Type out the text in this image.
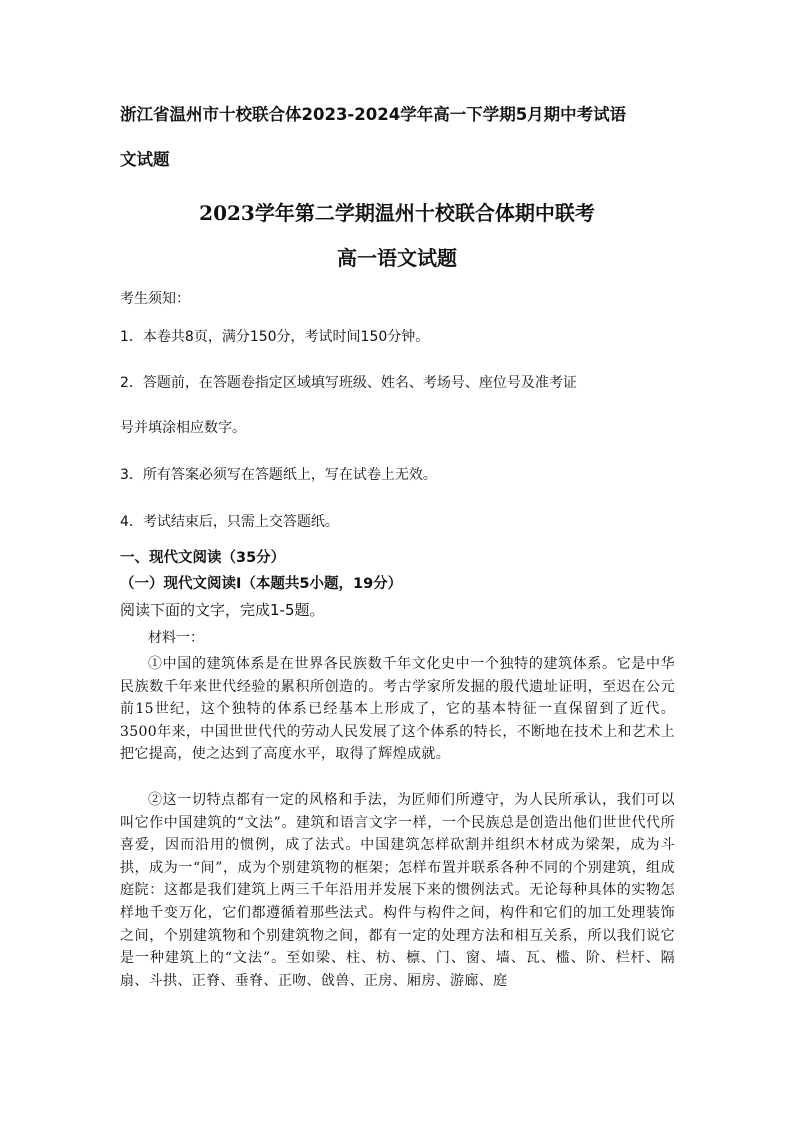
浙江省温州市十校联合体2023-2024学年高一下学期5月期中考试语
文试题
2023学年第二学期温州十校联合体期中联考
高一语文试题
考生须知：
1．本卷共8页，满分150分，考试时间150分钟。
2．答题前，在答题卷指定区域填写班级、姓名、考场号、座位号及准考证
号并填涂相应数字。
3．所有答案必须写在答题纸上，写在试卷上无效。
4．考试结束后，只需上交答题纸。
一、现代文阅读（35分）
（一）现代文阅读Ⅰ（本题共5小题，19分）
阅读下面的文字，完成1-5题。
材料一：
①中国的建筑体系是在世界各民族数千年文化史中一个独特的建筑体系。它是中华民族数千年来世代经验的累积所创造的。考古学家所发掘的殷代遗址证明，至迟在公元前15世纪，这个独特的体系已经基本上形成了，它的基本特征一直保留到了近代。3500年来，中国世世代代的劳动人民发展了这个体系的特长，不断地在技术上和艺术上把它提高，使之达到了高度水平，取得了辉煌成就。
②这一切特点都有一定的风格和手法，为匠师们所遵守，为人民所承认，我们可以叫它作中国建筑的“文法”。建筑和语言文字一样，一个民族总是创造出他们世世代代所喜爱，因而沿用的惯例，成了法式。中国建筑怎样砍割并组织木材成为梁架，成为斗拱，成为一“间”，成为个别建筑物的框架；怎样布置并联系各种不同的个别建筑，组成庭院：这都是我们建筑上两三千年沿用并发展下来的惯例法式。无论每种具体的实物怎样地千变万化，它们都遵循着那些法式。构件与构件之间，构件和它们的加工处理装饰之间，个别建筑物和个别建筑物之间，都有一定的处理方法和相互关系，所以我们说它是一种建筑上的“文法”。至如梁、柱、枋、檩、门、窗、墙、瓦、槛、阶、栏杆、隔扇、斗拱、正脊、垂脊、正吻、戗兽、正房、厢房、游廊、庭
